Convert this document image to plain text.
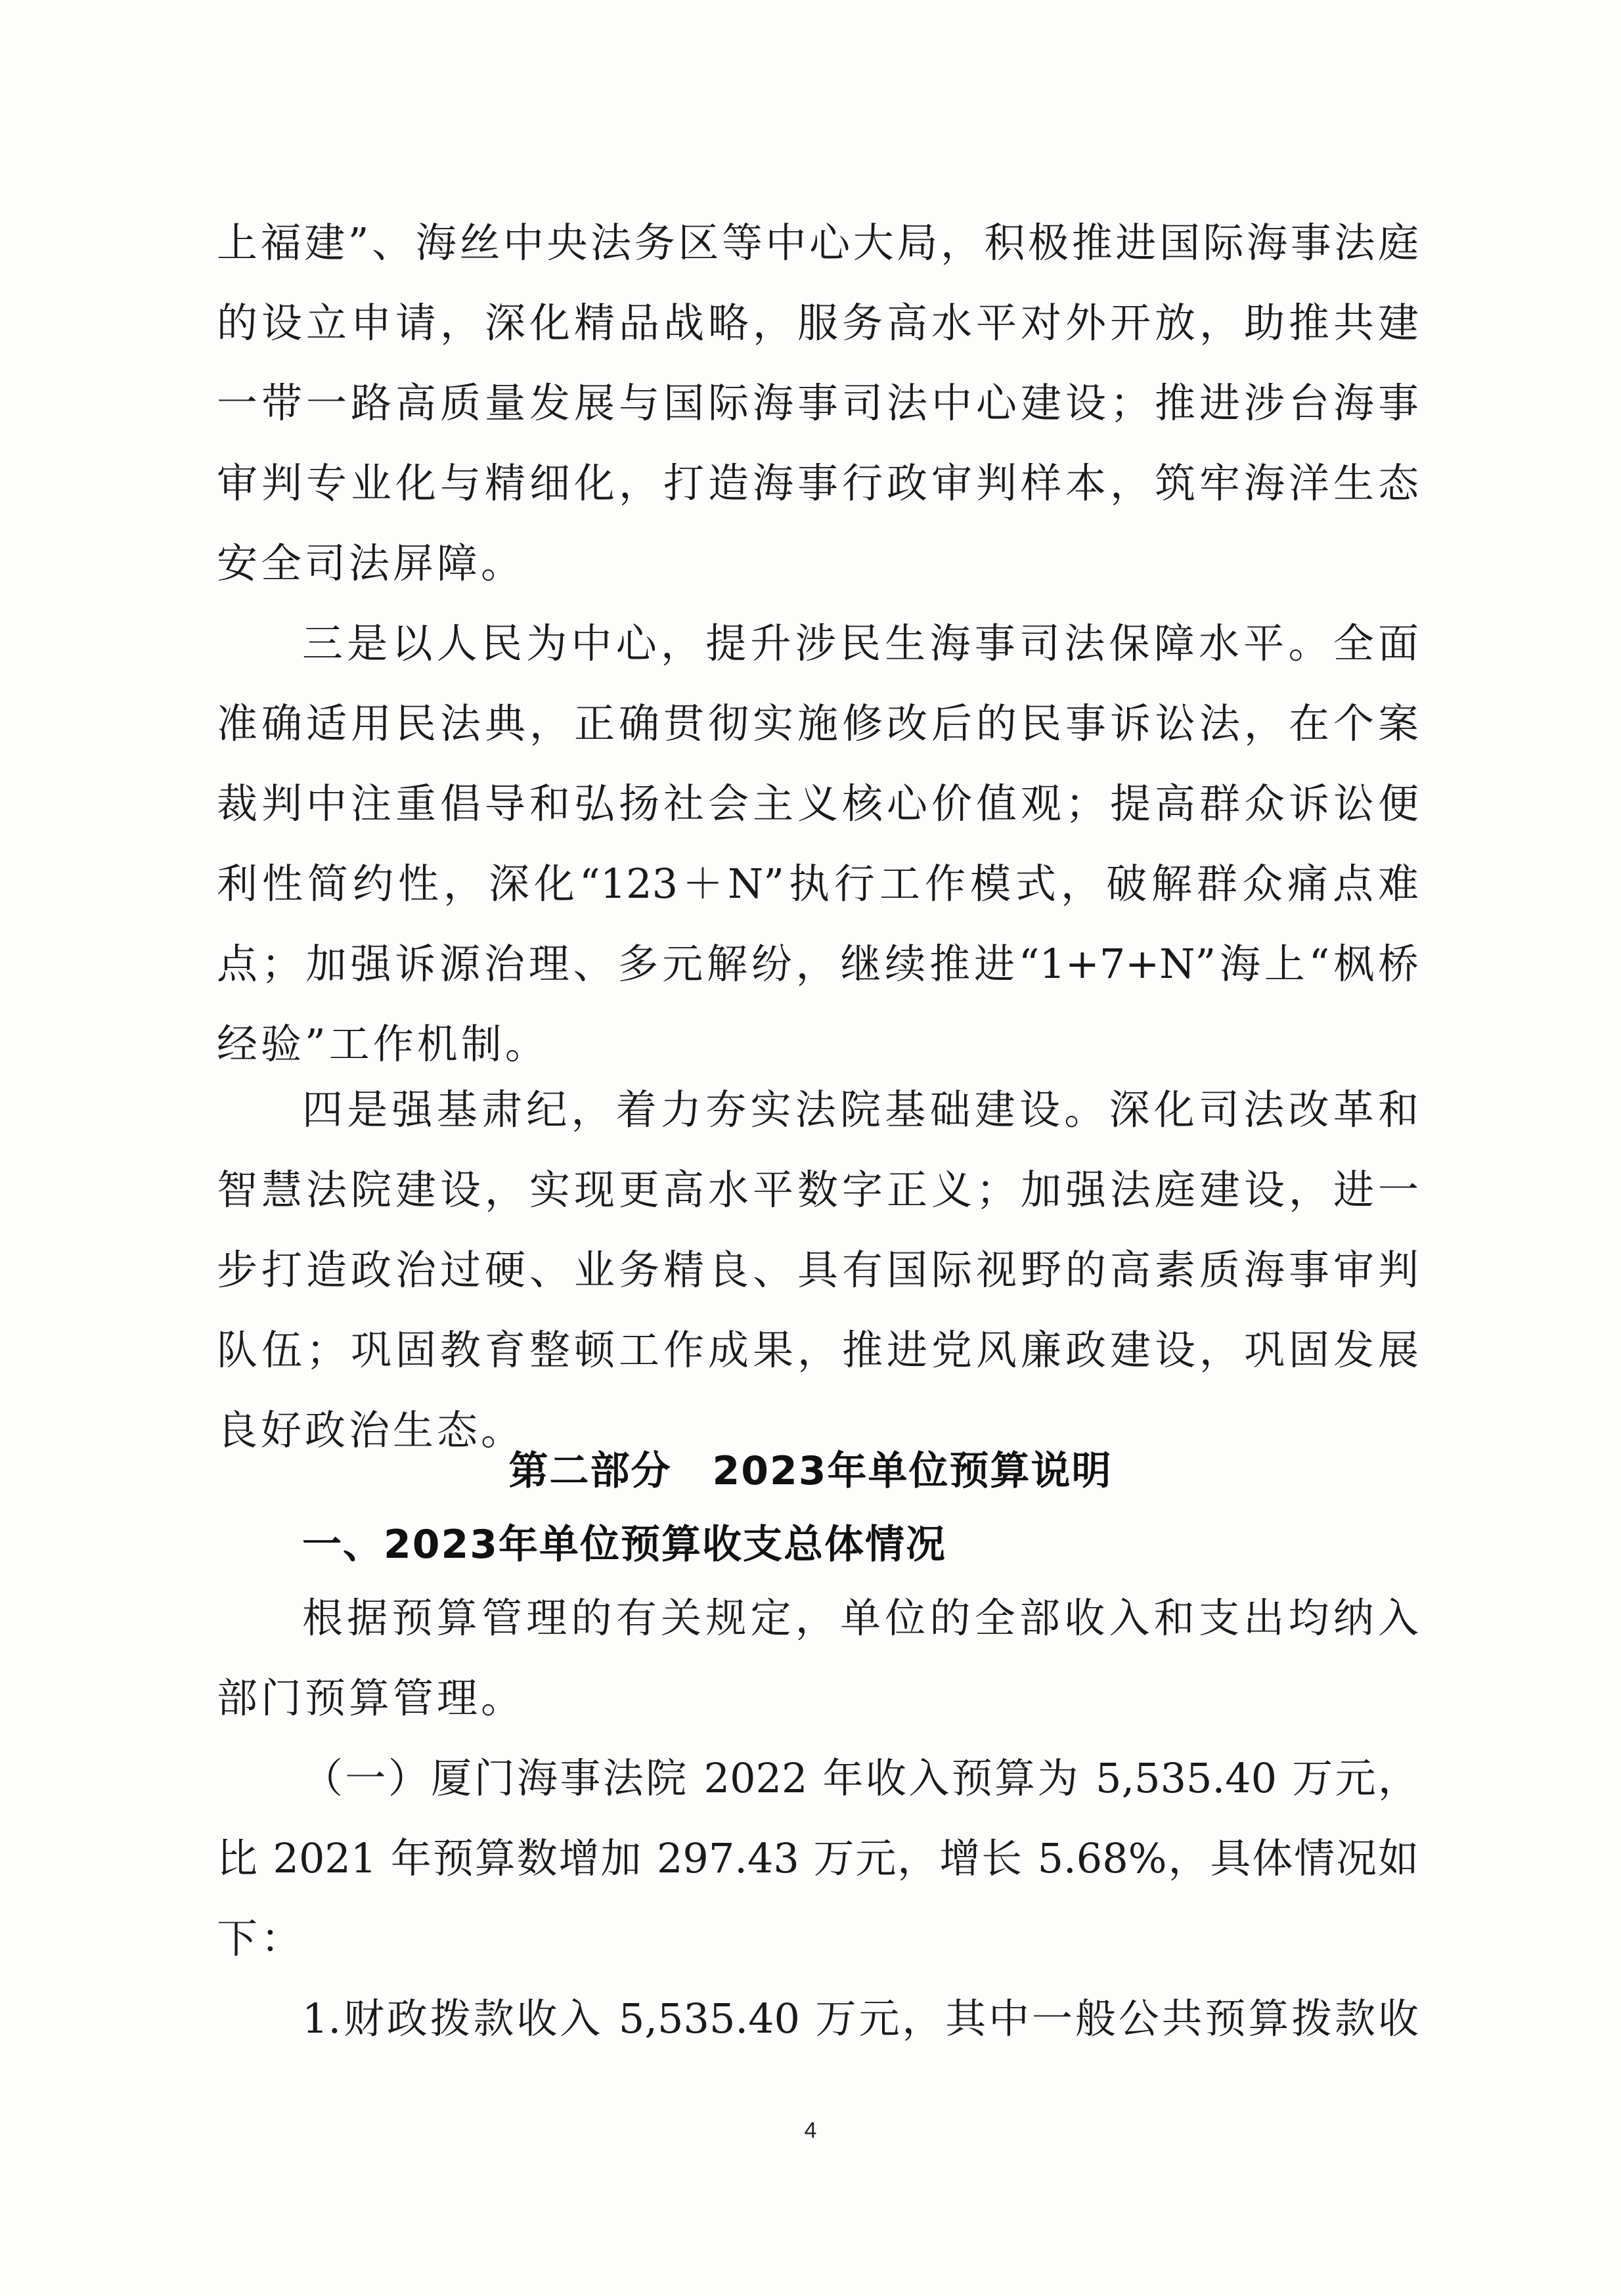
上福建”、海丝中央法务区等中心大局，积极推进国际海事法庭
的设立申请，深化精品战略，服务高水平对外开放，助推共建
一带一路高质量发展与国际海事司法中心建设；推进涉台海事
审判专业化与精细化，打造海事行政审判样本，筑牢海洋生态
安全司法屏障。
三是以人民为中心，提升涉民生海事司法保障水平。全面
准确适用民法典，正确贯彻实施修改后的民事诉讼法，在个案
裁判中注重倡导和弘扬社会主义核心价值观；提高群众诉讼便
利性简约性，深化“123＋N”执行工作模式，破解群众痛点难
点；加强诉源治理、多元解纷，继续推进“1+7+N”海上“枫桥
经验”工作机制。
四是强基肃纪，着力夯实法院基础建设。深化司法改革和
智慧法院建设，实现更高水平数字正义；加强法庭建设，进一
步打造政治过硬、业务精良、具有国际视野的高素质海事审判
队伍；巩固教育整顿工作成果，推进党风廉政建设，巩固发展
良好政治生态。
第二部分　2023年单位预算说明
一、2023年单位预算收支总体情况
根据预算管理的有关规定，单位的全部收入和支出均纳入
部门预算管理。
（一）厦门海事法院 2022 年收入预算为 5,535.40 万元，
比 2021 年预算数增加 297.43 万元，增长 5.68%，具体情况如
下：
1.财政拨款收入 5,535.40 万元，其中一般公共预算拨款收
4
